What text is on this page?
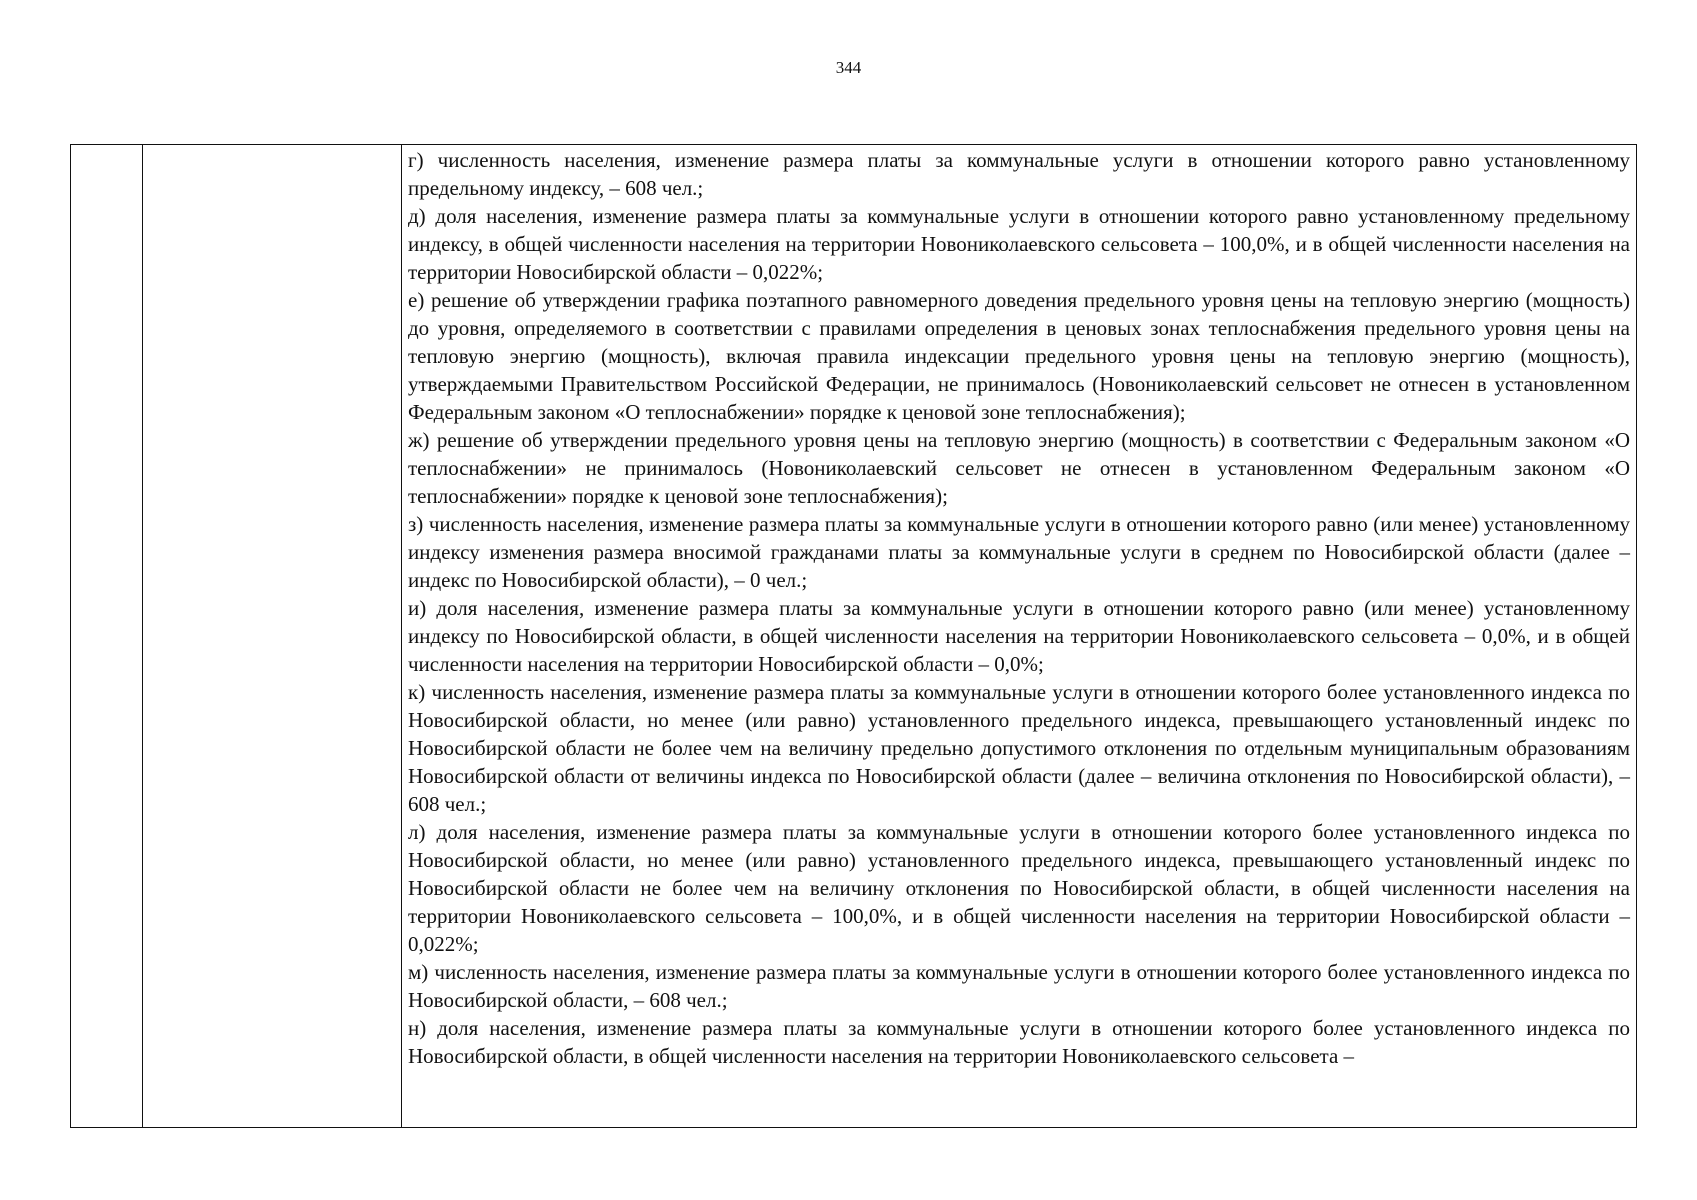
344

г) численность населения, изменение размера платы за коммунальные услуги в отношении которого равно установленному предельному индексу, – 608 чел.;

д) доля населения, изменение размера платы за коммунальные услуги в отношении которого равно установленному предельному индексу, в общей численности населения на территории Новониколаевского сельсовета – 100,0%, и в общей численности населения на территории Новосибирской области – 0,022%;

е) решение об утверждении графика поэтапного равномерного доведения предельного уровня цены на тепловую энергию (мощность) до уровня, определяемого в соответствии с правилами определения в ценовых зонах теплоснабжения предельного уровня цены на тепловую энергию (мощность), включая правила индексации предельного уровня цены на тепловую энергию (мощность), утверждаемыми Правительством Российской Федерации, не принималось (Новониколаевский сельсовет не отнесен в установленном Федеральным законом «О теплоснабжении» порядке к ценовой зоне теплоснабжения);

ж) решение об утверждении предельного уровня цены на тепловую энергию (мощность) в соответствии с Федеральным законом «О теплоснабжении» не принималось (Новониколаевский сельсовет не отнесен в установленном Федеральным законом «О теплоснабжении» порядке к ценовой зоне теплоснабжения);

з) численность населения, изменение размера платы за коммунальные услуги в отношении которого равно (или менее) установленному индексу изменения размера вносимой гражданами платы за коммунальные услуги в среднем по Новосибирской области (далее – индекс по Новосибирской области), – 0 чел.;

и) доля населения, изменение размера платы за коммунальные услуги в отношении которого равно (или менее) установленному индексу по Новосибирской области, в общей численности населения на территории Новониколаевского сельсовета – 0,0%, и в общей численности населения на территории Новосибирской области – 0,0%;

к) численность населения, изменение размера платы за коммунальные услуги в отношении которого более установленного индекса по Новосибирской области, но менее (или равно) установленного предельного индекса, превышающего установленный индекс по Новосибирской области не более чем на величину предельно допустимого отклонения по отдельным муниципальным образованиям Новосибирской области от величины индекса по Новосибирской области (далее – величина отклонения по Новосибирской области), – 608 чел.;

л) доля населения, изменение размера платы за коммунальные услуги в отношении которого более установленного индекса по Новосибирской области, но менее (или равно) установленного предельного индекса, превышающего установленный индекс по Новосибирской области не более чем на величину отклонения по Новосибирской области, в общей численности населения на территории Новониколаевского сельсовета – 100,0%, и в общей численности населения на территории Новосибирской области – 0,022%;

м) численность населения, изменение размера платы за коммунальные услуги в отношении которого более установленного индекса по Новосибирской области, – 608 чел.;

н) доля населения, изменение размера платы за коммунальные услуги в отношении которого более установленного индекса по Новосибирской области, в общей численности населения на территории Новониколаевского сельсовета –
